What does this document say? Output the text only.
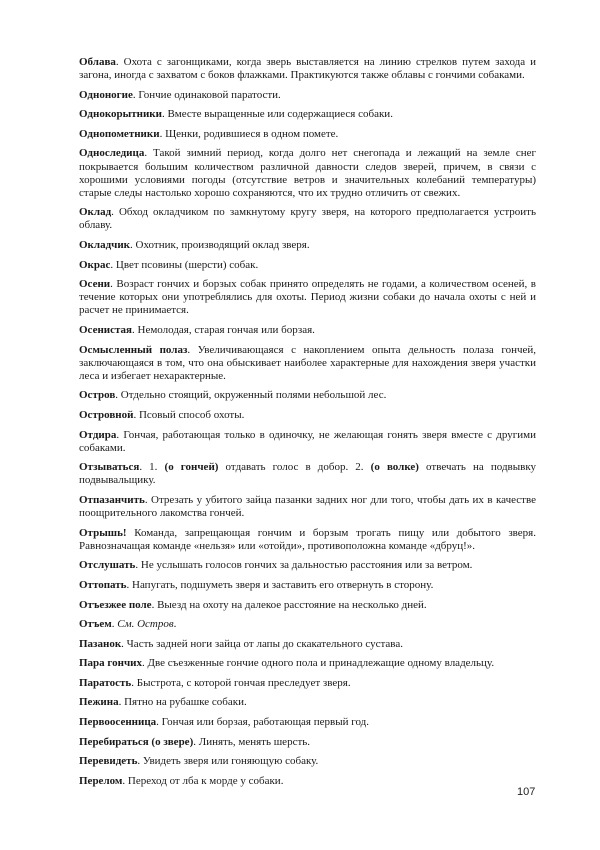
Облава. Охота с загонщиками, когда зверь выставляется на линию стрелков путем захода и загона, иногда с захватом с боков флажками. Практикуются также облавы с гончими собаками.

Одноногие. Гончие одинаковой паратости.

Однокорытники. Вместе выращенные или содержащиеся собаки.

Однопометники. Щенки, родившиеся в одном помете.

Односледица. Такой зимний период, когда долго нет снегопада и лежащий на земле снег покрывается большим количеством различной давности следов зверей, причем, в связи с хорошими условиями погоды (отсутствие ветров и значительных колебаний температуры) старые следы настолько хорошо сохраняются, что их трудно отличить от свежих.

Оклад. Обход окладчиком по замкнутому кругу зверя, на которого предполагается устроить облаву.

Окладчик. Охотник, производящий оклад зверя.

Окрас. Цвет псовины (шерсти) собак.

Осени. Возраст гончих и борзых собак принято определять не годами, а количеством осеней, в течение которых они употреблялись для охоты. Период жизни собаки до начала охоты с ней и расчет не принимается.

Осенистая. Немолодая, старая гончая или борзая.

Осмысленный полаз. Увеличивающаяся с накоплением опыта дельность полаза гончей, заключающаяся в том, что она обыскивает наиболее характерные для нахождения зверя участки леса и избегает нехарактерные.

Остров. Отдельно стоящий, окруженный полями небольшой лес.

Островной. Псовый способ охоты.

Отдира. Гончая, работающая только в одиночку, не желающая гонять зверя вместе с другими собаками.

Отзываться. 1. (о гончей) отдавать голос в добор. 2. (о волке) отвечать на подвывку подвывальщику.

Отпазанчить. Отрезать у убитого зайца пазанки задних ног дли того, чтобы дать их в качестве поощрительного лакомства гончей.

Отрышь! Команда, запрещающая гончим и борзым трогать пищу или добытого зверя. Равнозначащая команде «нельзя» или «отойди», противоположна команде «дбруц!».

Отслушать. Не услышать голосов гончих за дальностью расстояния или за ветром.

Оттопать. Напугать, подшуметь зверя и заставить его отвернуть в сторону.

Отъезжее поле. Выезд на охоту на далекое расстояние на несколько дней.

Отъем. См. Остров.

Пазанок. Часть задней ноги зайца от лапы до скакательного сустава.

Пара гончих. Две съезженные гончие одного пола и принадлежащие одному владельцу.

Паратость. Быстрота, с которой гончая преследует зверя.

Пежина. Пятно на рубашке собаки.

Первоосенница. Гончая или борзая, работающая первый год.

Перебираться (о звере). Линять, менять шерсть.

Перевидеть. Увидеть зверя или гоняющую собаку.

Перелом. Переход от лба к морде у собаки.

107
